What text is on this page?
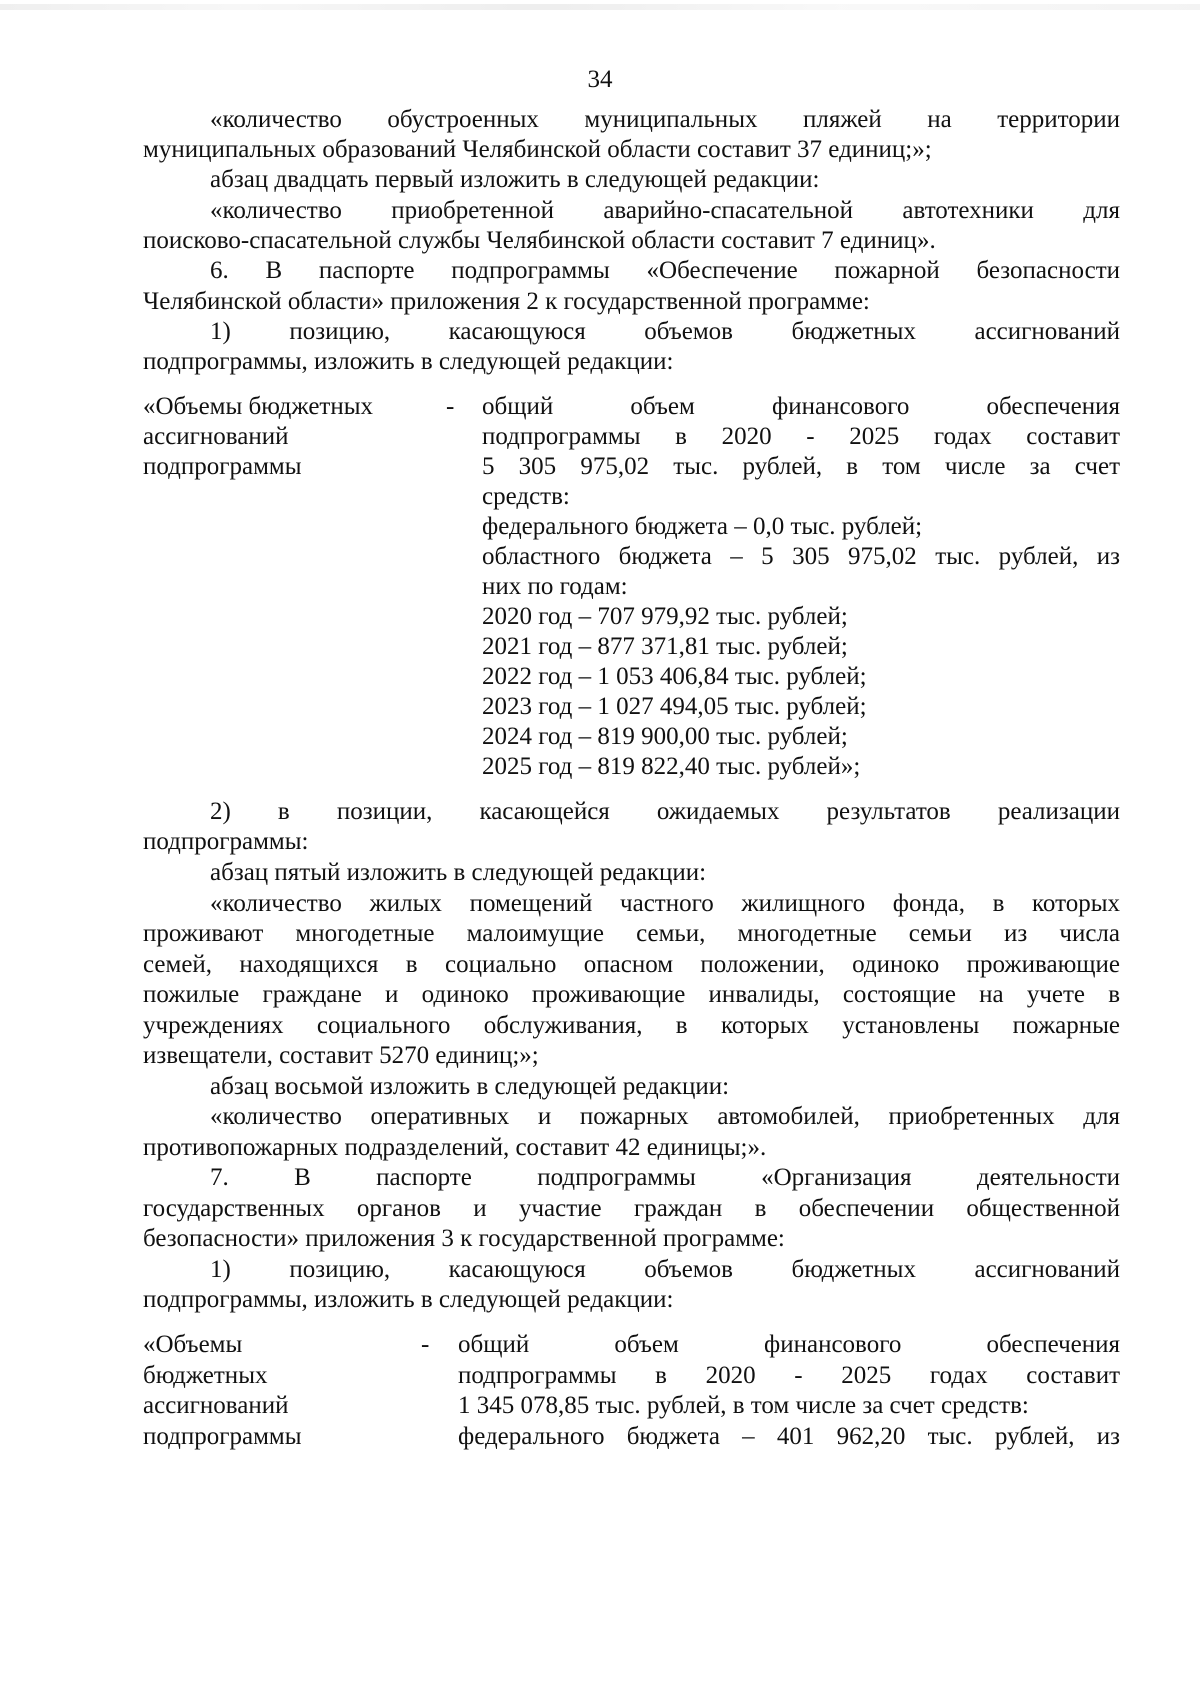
34
«количество обустроенных муниципальных пляжей на территории
муниципальных образований Челябинской области составит 37 единиц;»;
абзац двадцать первый изложить в следующей редакции:
«количество приобретенной аварийно-спасательной автотехники для
поисково-спасательной службы Челябинской области составит 7 единиц».
6. В паспорте подпрограммы «Обеспечение пожарной безопасности
Челябинской области» приложения 2 к государственной программе:
1) позицию, касающуюся объемов бюджетных ассигнований
подпрограммы, изложить в следующей редакции:
«Объемы бюджетных
ассигнований
подпрограммы
- общий объем финансового обеспечения
подпрограммы в 2020 - 2025 годах составит
5 305 975,02 тыс. рублей, в том числе за счет
средств:
федерального бюджета – 0,0 тыс. рублей;
областного бюджета – 5 305 975,02 тыс. рублей, из
них по годам:
2020 год – 707 979,92 тыс. рублей;
2021 год – 877 371,81 тыс. рублей;
2022 год – 1 053 406,84 тыс. рублей;
2023 год – 1 027 494,05 тыс. рублей;
2024 год – 819 900,00 тыс. рублей;
2025 год – 819 822,40 тыс. рублей»;
2) в позиции, касающейся ожидаемых результатов реализации
подпрограммы:
абзац пятый изложить в следующей редакции:
«количество жилых помещений частного жилищного фонда, в которых
проживают многодетные малоимущие семьи, многодетные семьи из числа
семей, находящихся в социально опасном положении, одиноко проживающие
пожилые граждане и одиноко проживающие инвалиды, состоящие на учете в
учреждениях социального обслуживания, в которых установлены пожарные
извещатели, составит 5270 единиц;»;
абзац восьмой изложить в следующей редакции:
«количество оперативных и пожарных автомобилей, приобретенных для
противопожарных подразделений, составит 42 единицы;».
7. В паспорте подпрограммы «Организация деятельности
государственных органов и участие граждан в обеспечении общественной
безопасности» приложения 3 к государственной программе:
1) позицию, касающуюся объемов бюджетных ассигнований
подпрограммы, изложить в следующей редакции:
«Объемы
бюджетных
ассигнований
подпрограммы
- общий объем финансового обеспечения
подпрограммы в 2020 - 2025 годах составит
1 345 078,85 тыс. рублей, в том числе за счет средств:
федерального бюджета – 401 962,20 тыс. рублей, из
